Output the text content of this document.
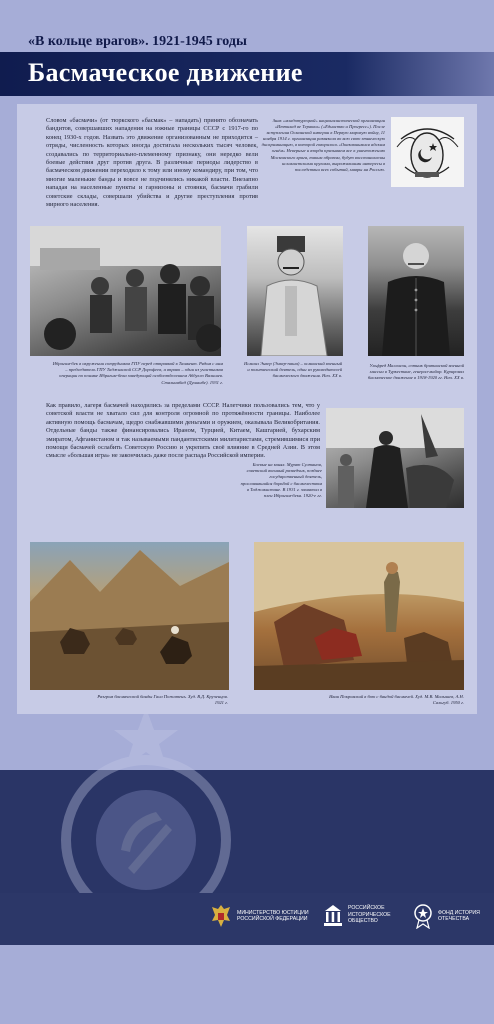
«В кольце врагов». 1921-1945 годы
Басмаческое движение

Словом «басмачи» (от тюркского «басмак» – нападать) принято обозначать бандитов, совершавших нападения на южные границы СССР с 1917-го по конец 1930-х годов. Назвать это движение организованным не приходится – отряды, численность которых иногда достигала нескольких тысяч человек, создавались по территориально-племенному признаку, они нередко вели боевые действия друг против друга. В различные периоды лидерство в басмаческом движении переходило к тому или иному командиру, при том, что многие маленькие банды и вовсе не подчинялись никакой власти. Внезапно нападая на населенные пункты и гарнизоны и стоянки, басмачи грабили советские склады, совершали убийства и другие преступления против мирного населения.

Знак «младотурецкой» националистической организации «Иттихад ве Теракки» («Единство и Прогресс»). После вступления Османской империи в Первую мировую войну, 11 ноября 1914 г. организация развязала во всю свою этническую дискриминацию, в которой говорилось «Оказавшимися адским огнём» Неверные и взорда призываем все к уничтожению Московского врага, таким образом, будут восстановлены исламистскими кругами, выражавшими интересы в последствии всех событий, мавры на Россию.

Ибрагим-бек в окружении сотрудников ГПУ перед отправкой в Ташкент. Рядом с ним – председатель ГПУ Таджикской ССР Дорофеев, а вправо – один из участников операции по поимке Ибрагим-бека заведующий особоотделением Абдулло Валишев. Сталинабад (Душанбе). 1931 г.

Исмаил Энвер (Энвер-паша) – османский военный и политический деятель, один из руководителей басмаческого движения. Нач. XX в.

Ульфред Маллисон, сотник британской военной миссии в Туркестане, генерал-майор. Курировал басмаческое движение в 1918-1920 гг. Нач. XX в.

Как правило, лагеря басмачей находились за пределами СССР. Налетчики пользовались тем, что у советской власти не хватало сил для контроля огромной по протяжённости границы. Наиболее активную помощь басмачам, щедро снабжавшими деньгами и оружием, оказывала Великобритания. Отдельные банды также финансировались Ираном, Турцией, Китаем, Кашгарией, бухарским эмиратом, Афганистаном и так называемыми пандантистскими милитаристами, стремившимися при помощи басмачей ослабить Советскую Россию и укрепить своё влияние в Средней Азии. В этом смысле «большая игра» не закончилась даже после распада Российской империи.

Боевые на конях. Мурат Султанов, советский военный разведчик, позднее государственный деятель, прославившийся борьбой с басмачеством в Таджикистане. В 1931 г. захватил в плен Ибрагим-бека. 1920-е гг.

Разгром басмаческой банды Гаил Пожатень. Худ. В.Д. Крученцов. 1921 г.

Иван Покровский в бою с бандой басмачей. Худ. М.В. Малышев, А.Н. Сальгуб. 1950 г.

МИНИСТЕРСТВО ЮСТИЦИИ РОССИЙСКОЙ ФЕДЕРАЦИИ
РОССИЙСКОЕ ИСТОРИЧЕСКОЕ ОБЩЕСТВО
ФОНД ИСТОРИЯ ОТЕЧЕСТВА
